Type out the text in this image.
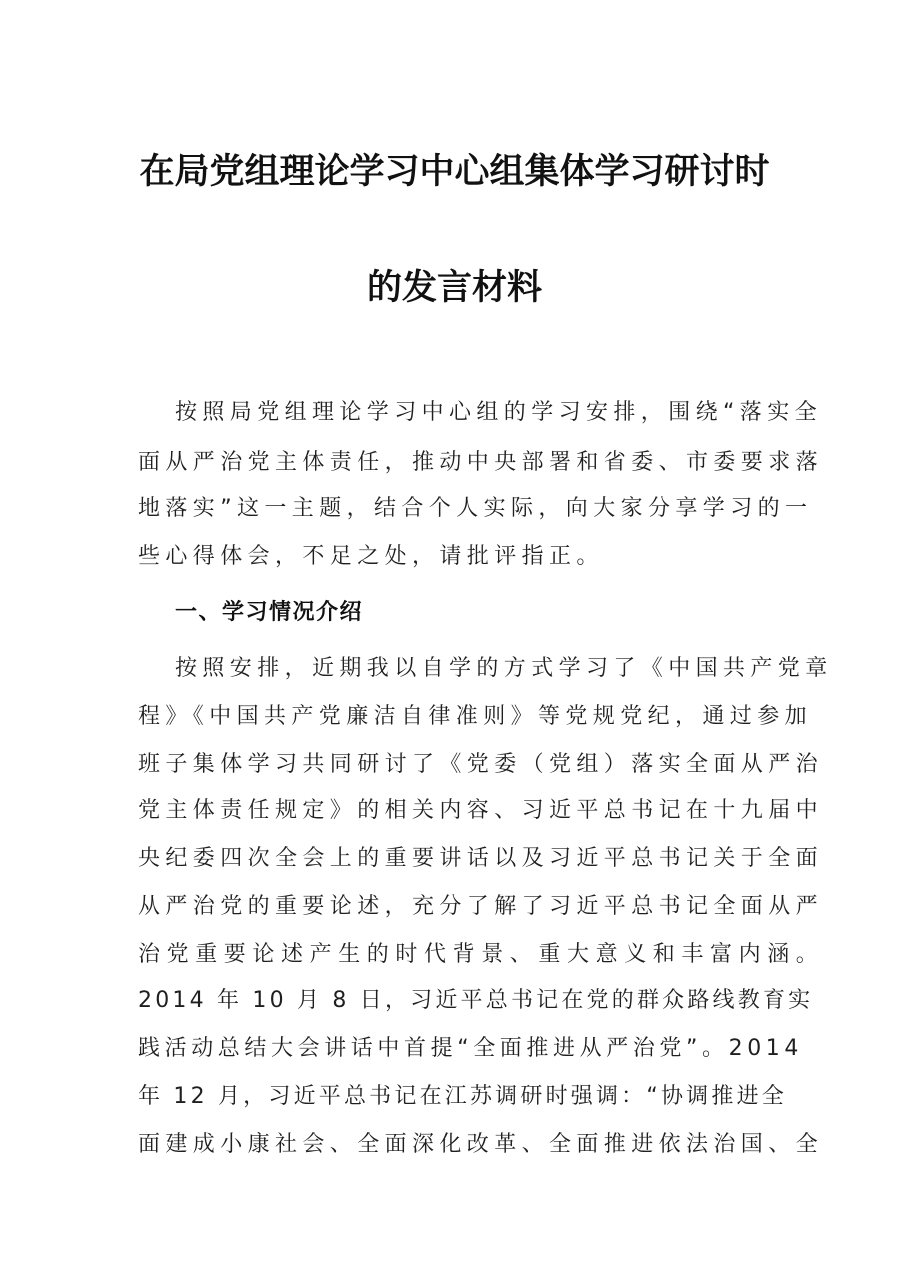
在局党组理论学习中心组集体学习研讨时
的发言材料
按照局党组理论学习中心组的学习安排，围绕“落实全
面从严治党主体责任，推动中央部署和省委、市委要求落
地落实”这一主题，结合个人实际，向大家分享学习的一
些心得体会，不足之处，请批评指正。
一、学习情况介绍
按照安排，近期我以自学的方式学习了《中国共产党章
程》《中国共产党廉洁自律准则》等党规党纪，通过参加
班子集体学习共同研讨了《党委（党组）落实全面从严治
党主体责任规定》的相关内容、习近平总书记在十九届中
央纪委四次全会上的重要讲话以及习近平总书记关于全面
从严治党的重要论述，充分了解了习近平总书记全面从严
治党重要论述产生的时代背景、重大意义和丰富内涵。
2014 年 10 月 8 日，习近平总书记在党的群众路线教育实
践活动总结大会讲话中首提“全面推进从严治党”。2014
年 12 月，习近平总书记在江苏调研时强调：“协调推进全
面建成小康社会、全面深化改革、全面推进依法治国、全
